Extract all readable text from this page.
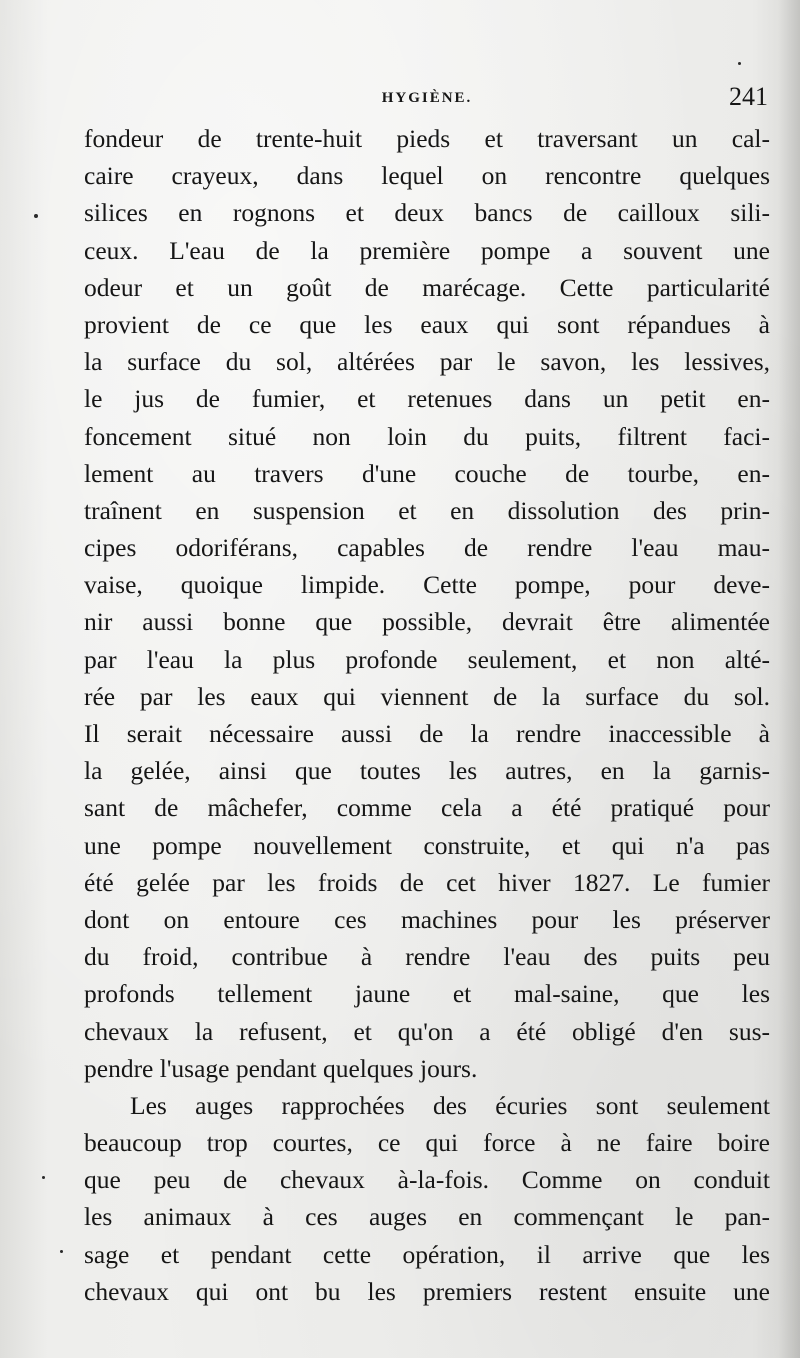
HYGIÈNE.	241
fondeur de trente-huit pieds et traversant un cal-
caire crayeux, dans lequel on rencontre quelques
silices en rognons et deux bancs de cailloux sili-
ceux. L'eau de la première pompe a souvent une
odeur et un goût de marécage. Cette particularité
provient de ce que les eaux qui sont répandues à
la surface du sol, altérées par le savon, les lessives,
le jus de fumier, et retenues dans un petit en-
foncement situé non loin du puits, filtrent faci-
lement au travers d'une couche de tourbe, en-
traînent en suspension et en dissolution des prin-
cipes odoriférans, capables de rendre l'eau mau-
vaise, quoique limpide. Cette pompe, pour deve-
nir aussi bonne que possible, devrait être alimentée
par l'eau la plus profonde seulement, et non alté-
rée par les eaux qui viennent de la surface du sol.
Il serait nécessaire aussi de la rendre inaccessible à
la gelée, ainsi que toutes les autres, en la garnis-
sant de mâchefer, comme cela a été pratiqué pour
une pompe nouvellement construite, et qui n'a pas
été gelée par les froids de cet hiver 1827. Le fumier
dont on entoure ces machines pour les préserver
du froid, contribue à rendre l'eau des puits peu
profonds tellement jaune et mal-saine, que les
chevaux la refusent, et qu'on a été obligé d'en sus-
pendre l'usage pendant quelques jours.
Les auges rapprochées des écuries sont seulement
beaucoup trop courtes, ce qui force à ne faire boire
que peu de chevaux à-la-fois. Comme on conduit
les animaux à ces auges en commençant le pan-
sage et pendant cette opération, il arrive que les
chevaux qui ont bu les premiers restent ensuite une
